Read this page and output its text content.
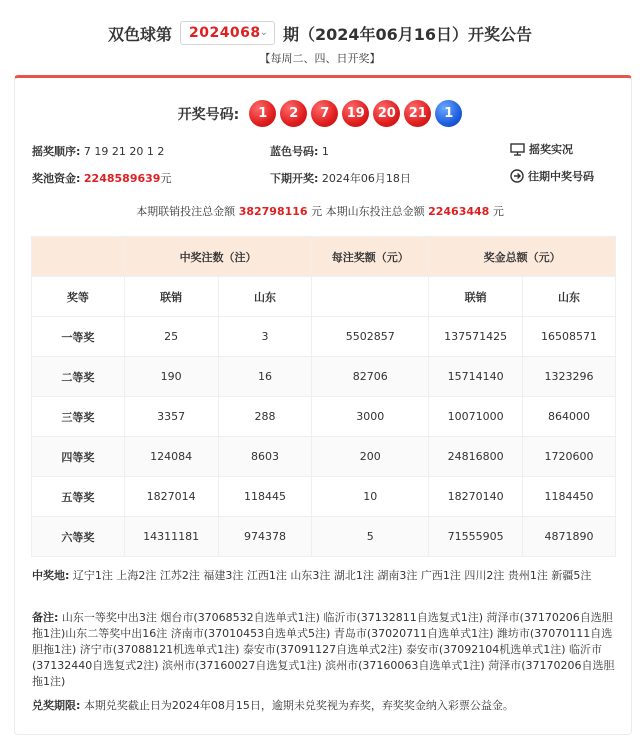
双色球第 2024068
⌄ 期（2024年06月16日）开奖公告
【每周二、四、日开奖】
开奖号码:	1	2	7	19 20 21	1
摇奖顺序: 7 19 21 20 1 2	蓝色号码: 1	摇奖实况
奖池资金: 2248589639元	下期开奖: 2024年06月18日	往期中奖号码
本期联销投注总金额 382798116 元 本期山东投注总金额 22463448 元
	中奖注数（注）		每注奖额（元）	奖金总额（元）	
奖等	联销	山东		联销	山东
一等奖	25	3	5502857	137571425	16508571
二等奖	190	16	82706	15714140	1323296
三等奖	3357	288	3000	10071000	864000
四等奖	124084	8603	200	24816800	1720600
五等奖	1827014	118445	10	18270140	1184450
六等奖	14311181	974378	5	71555905	4871890
中奖地: 辽宁1注 上海2注 江苏2注 福建3注 江西1注 山东3注 湖北1注 湖南3注 广西1注 四川2注 贵州1注 新疆5注
备注: 山东一等奖中出3注 烟台市(37068532自选单式1注) 临沂市(37132811自选复式1注) 菏泽市(37170206自选胆拖1注)山东二等奖中出16注 济南市(37010453自选单式5注) 青岛市(37020711自选单式1注) 潍坊市(37070111自选胆拖1注) 济宁市(37088121机选单式1注) 泰安市(37091127自选单式2注) 泰安市(37092104机选单式1注) 临沂市(37132440自选复式2注) 滨州市(37160027自选复式1注) 滨州市(37160063自选单式1注) 菏泽市(37170206自选胆拖1注)
兑奖期限: 本期兑奖截止日为2024年08月15日，逾期未兑奖视为弃奖，弃奖奖金纳入彩票公益金。
